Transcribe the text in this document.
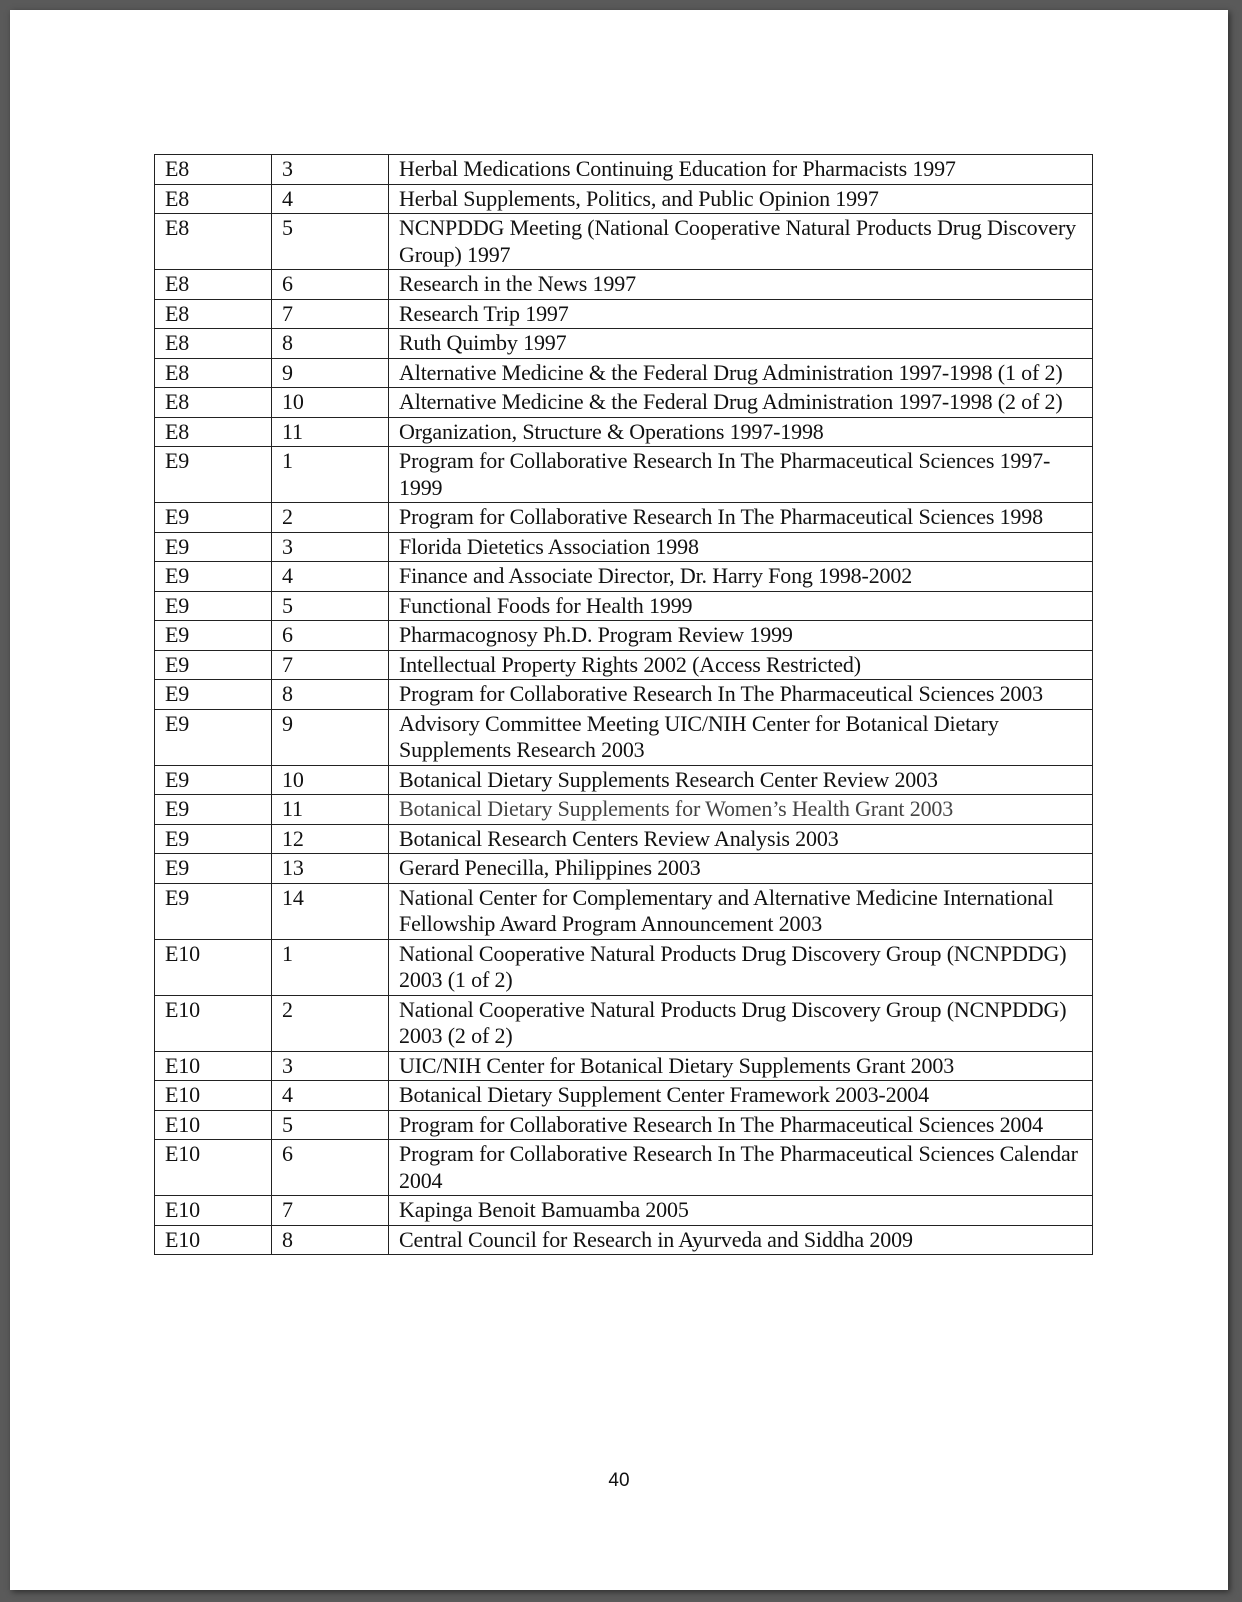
E8	3	Herbal Medications Continuing Education for Pharmacists 1997
E8	4	Herbal Supplements, Politics, and Public Opinion 1997
E8	5	NCNPDDG Meeting (National Cooperative Natural Products Drug Discovery Group) 1997
E8	6	Research in the News 1997
E8	7	Research Trip 1997
E8	8	Ruth Quimby 1997
E8	9	Alternative Medicine & the Federal Drug Administration 1997-1998 (1 of 2)
E8	10	Alternative Medicine & the Federal Drug Administration 1997-1998 (2 of 2)
E8	11	Organization, Structure & Operations 1997-1998
E9	1	Program for Collaborative Research In The Pharmaceutical Sciences 1997-1999
E9	2	Program for Collaborative Research In The Pharmaceutical Sciences 1998
E9	3	Florida Dietetics Association 1998
E9	4	Finance and Associate Director, Dr. Harry Fong 1998-2002
E9	5	Functional Foods for Health 1999
E9	6	Pharmacognosy Ph.D. Program Review 1999
E9	7	Intellectual Property Rights 2002 (Access Restricted)
E9	8	Program for Collaborative Research In The Pharmaceutical Sciences 2003
E9	9	Advisory Committee Meeting UIC/NIH Center for Botanical Dietary Supplements Research 2003
E9	10	Botanical Dietary Supplements Research Center Review 2003
E9	11	Botanical Dietary Supplements for Women’s Health Grant 2003
E9	12	Botanical Research Centers Review Analysis 2003
E9	13	Gerard Penecilla, Philippines 2003
E9	14	National Center for Complementary and Alternative Medicine International Fellowship Award Program Announcement 2003
E10	1	National Cooperative Natural Products Drug Discovery Group (NCNPDDG) 2003 (1 of 2)
E10	2	National Cooperative Natural Products Drug Discovery Group (NCNPDDG) 2003 (2 of 2)
E10	3	UIC/NIH Center for Botanical Dietary Supplements Grant 2003
E10	4	Botanical Dietary Supplement Center Framework 2003-2004
E10	5	Program for Collaborative Research In The Pharmaceutical Sciences 2004
E10	6	Program for Collaborative Research In The Pharmaceutical Sciences Calendar 2004
E10	7	Kapinga Benoit Bamuamba 2005
E10	8	Central Council for Research in Ayurveda and Siddha 2009
40
